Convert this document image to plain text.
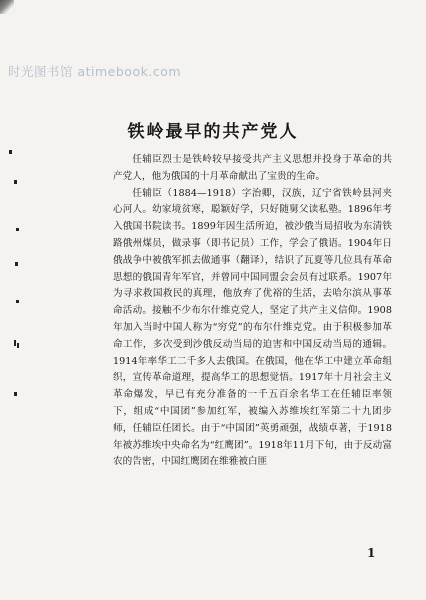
时光图书馆 atimebook.com
铁岭最早的共产党人

任辅臣烈士是铁岭较早接受共产主义思想并投身于革命的共产党人，他为俄国的十月革命献出了宝贵的生命。

任辅臣（1884—1918）字治卿，汉族，辽宁省铁岭县河夹心河人。幼家境贫寒，聪颖好学，只好随舅父读私塾。1896年考入俄国书院读书。1899年因生活所迫，被沙俄当局招收为东清铁路俄州煤员，做录事（即书记员）工作，学会了俄语。1904年日俄战争中被俄军抓去做通事（翻译），结识了瓦夏等几位具有革命思想的俄国青年军官，并曾同中国同盟会会员有过联系。1907年为寻求救国救民的真理，他放弃了优裕的生活，去哈尔滨从事革命活动。接触不少布尔什维克党人，坚定了共产主义信仰。1908年加入当时中国人称为“穷党”的布尔什维克党。由于积极参加革命工作，多次受到沙俄反动当局的迫害和中国反动当局的通辑。1914年率华工二千多人去俄国。在俄国，他在华工中建立革命组织，宣传革命道理，提高华工的思想觉悟。1917年十月社会主义革命爆发，早已有充分准备的一千五百余名华工在任辅臣率领下，组成“中国团”参加红军，被编入苏维埃红军第二十九团步师，任辅臣任团长。由于“中国团”英勇顽强，战绩卓著，于1918年被苏维埃中央命名为“红鹰团”。1918年11月下旬，由于反动富农的告密，中国红鹰团在维雅被白匪

1
